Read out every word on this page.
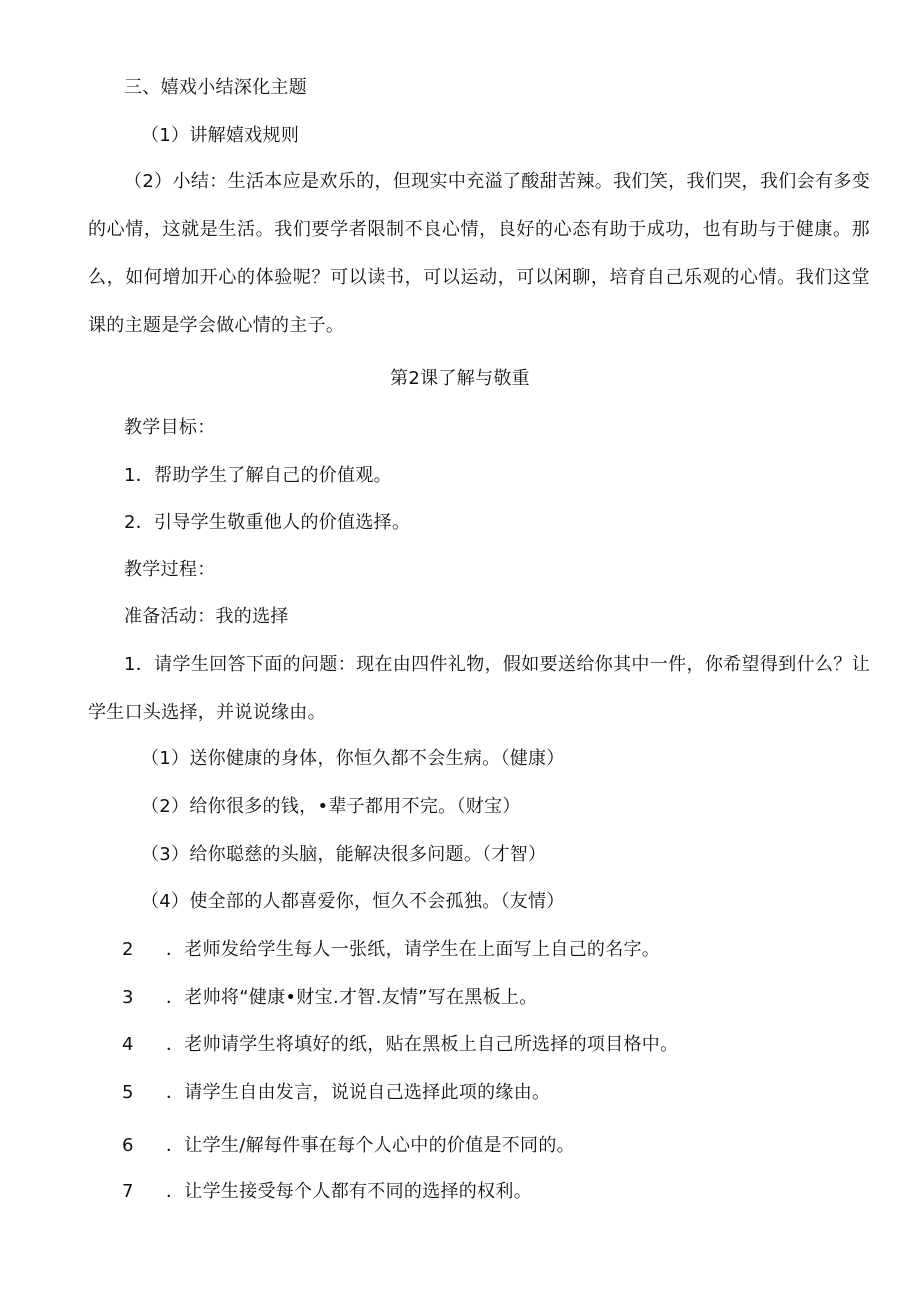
三、嬉戏小结深化主题
（1）讲解嬉戏规则
（2）小结：生活本应是欢乐的，但现实中充溢了酸甜苦辣。我们笑，我们哭，我们会有多变的心情，这就是生活。我们要学者限制不良心情，良好的心态有助于成功，也有助与于健康。那么，如何增加开心的体验呢？可以读书，可以运动，可以闲聊，培育自己乐观的心情。我们这堂课的主题是学会做心情的主子。
第2课了解与敬重
教学目标：
1．帮助学生了解自己的价值观。
2．引导学生敬重他人的价值选择。
教学过程：
准备活动：我的选择
1．请学生回答下面的问题：现在由四件礼物，假如要送给你其中一件，你希望得到什么？让学生口头选择，并说说缘由。
（1）送你健康的身体，你恒久都不会生病。（健康）
（2）给你很多的钱，•辈子都用不完。（财宝）
（3）给你聪慈的头脑，能解决很多问题。（才智）
（4）使全部的人都喜爱你，恒久不会孤独。（友情）
2 ．老师发给学生每人一张纸，请学生在上面写上自己的名字。
3 ．老帅将“健康•财宝.才智.友情”写在黑板上。
4 ．老帅请学生将填好的纸，贴在黑板上自己所选择的项目格中。
5 ．请学生自由发言，说说自己选择此项的缘由。
6 ．让学生/解每件事在每个人心中的价值是不同的。
7 ．让学生接受每个人都有不同的选择的权利。
